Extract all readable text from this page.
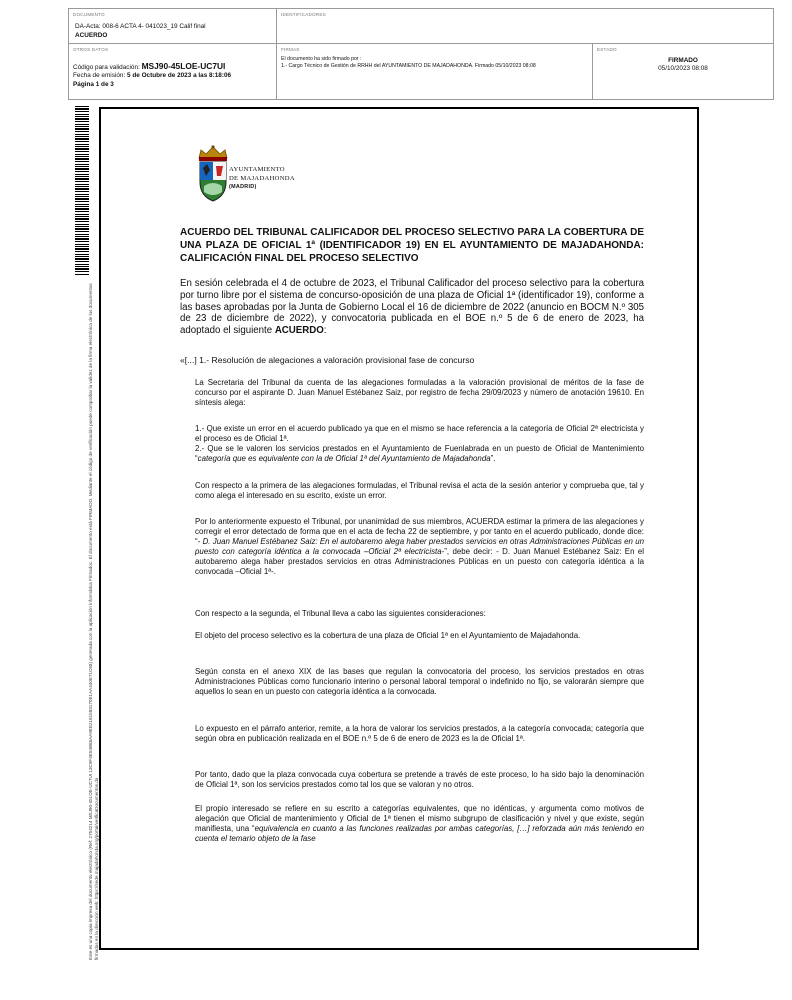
DOCUMENTO
DA-Acta: 008-6 ACTA 4- 041023_19 Calif final
ACUERDO
IDENTIFICADORES
OTROS DATOS
Código para validación: MSJ90-45LOE-UC7UI
Fecha de emisión: 5 de Octubre de 2023 a las 8:18:06
Página 1 de 3
FIRMAS
El documento ha sido firmado por :
1.- Cargo Técnico de Gestión de RRHH del AYUNTAMIENTO DE MAJADAHONDA. Firmado 05/10/2023 08:08
ESTADO
FIRMADO
05/10/2023 08:08
Este es una copia impresa del documento electrónico (Ref: 2754214 MSJ90-45LOE-UC7UI 13C9F4E54B68AA9EE2181583170E1AA440E71C68) generada con la aplicación informática Firmadoc. El documento está FIRMADO. Mediante el código de verificación puede comprobar la validez de la firma electrónica de los documentos firmados en la dirección web: https://sede.majadahonda.org/portal/verificaDocumentos.do
AYUNTAMIENTO
DE MAJADAHONDA
(MADRID)
ACUERDO DEL TRIBUNAL CALIFICADOR DEL PROCESO SELECTIVO PARA LA COBERTURA DE UNA PLAZA DE OFICIAL 1ª (IDENTIFICADOR 19) EN EL AYUNTAMIENTO DE MAJADAHONDA: CALIFICACIÓN FINAL DEL PROCESO SELECTIVO
En sesión celebrada el 4 de octubre de 2023, el Tribunal Calificador del proceso selectivo para la cobertura por turno libre por el sistema de concurso-oposición de una plaza de Oficial 1ª (identificador 19), conforme a las bases aprobadas por la Junta de Gobierno Local el 16 de diciembre de 2022 (anuncio en BOCM N.º 305 de 23 de diciembre de 2022), y convocatoria publicada en el BOE n.º 5 de 6 de enero de 2023, ha adoptado el siguiente ACUERDO:
«[...] 1.- Resolución de alegaciones a valoración provisional fase de concurso
La Secretaria del Tribunal da cuenta de las alegaciones formuladas a la valoración provisional de méritos de la fase de concurso por el aspirante D. Juan Manuel Estébanez Saiz, por registro de fecha 29/09/2023 y número de anotación 19610. En síntesis alega:
1.- Que existe un error en el acuerdo publicado ya que en el mismo se hace referencia a la categoría de Oficial 2ª electricista y el proceso es de Oficial 1ª.
2.- Que se le valoren los servicios prestados en el Ayuntamiento de Fuenlabrada en un puesto de Oficial de Mantenimiento “categoría que es equivalente con la de Oficial 1ª del Ayuntamiento de Majadahonda”.
Con respecto a la primera de las alegaciones formuladas, el Tribunal revisa el acta de la sesión anterior y comprueba que, tal y como alega el interesado en su escrito, existe un error.
Por lo anteriormente expuesto el Tribunal, por unanimidad de sus miembros, ACUERDA estimar la primera de las alegaciones y corregir el error detectado de forma que en el acta de fecha 22 de septiembre, y por tanto en el acuerdo publicado, donde dice: “- D. Juan Manuel Estébanez Saiz: En el autobaremo alega haber prestados servicios en otras Administraciones Públicas en un puesto con categoría idéntica a la convocada –Oficial 2ª electricista-”, debe decir: - D. Juan Manuel Estébanez Saiz: En el autobaremo alega haber prestados servicios en otras Administraciones Públicas en un puesto con categoría idéntica a la convocada –Oficial 1ª-.
Con respecto a la segunda, el Tribunal lleva a cabo las siguientes consideraciones:
El objeto del proceso selectivo es la cobertura de una plaza de Oficial 1ª en el Ayuntamiento de Majadahonda.
Según consta en el anexo XIX de las bases que regulan la convocatoria del proceso, los servicios prestados en otras Administraciones Públicas como funcionario interino o personal laboral temporal o indefinido no fijo, se valorarán siempre que aquellos lo sean en un puesto con categoría idéntica a la convocada.
Lo expuesto en el párrafo anterior, remite, a la hora de valorar los servicios prestados, a la categoría convocada; categoría que según obra en publicación realizada en el BOE n.º 5 de 6 de enero de 2023 es la de Oficial 1ª.
Por tanto, dado que la plaza convocada cuya cobertura se pretende a través de este proceso, lo ha sido bajo la denominación de Oficial 1ª, son los servicios prestados como tal los que se valoran y no otros.
El propio interesado se refiere en su escrito a categorías equivalentes, que no idénticas, y argumenta como motivos de alegación que Oficial de mantenimiento y Oficial de 1ª tienen el mismo subgrupo de clasificación y nivel y que existe, según manifiesta, una “equivalencia en cuanto a las funciones realizadas por ambas categorías, […] reforzada aún más teniendo en cuenta el temario objeto de la fase
